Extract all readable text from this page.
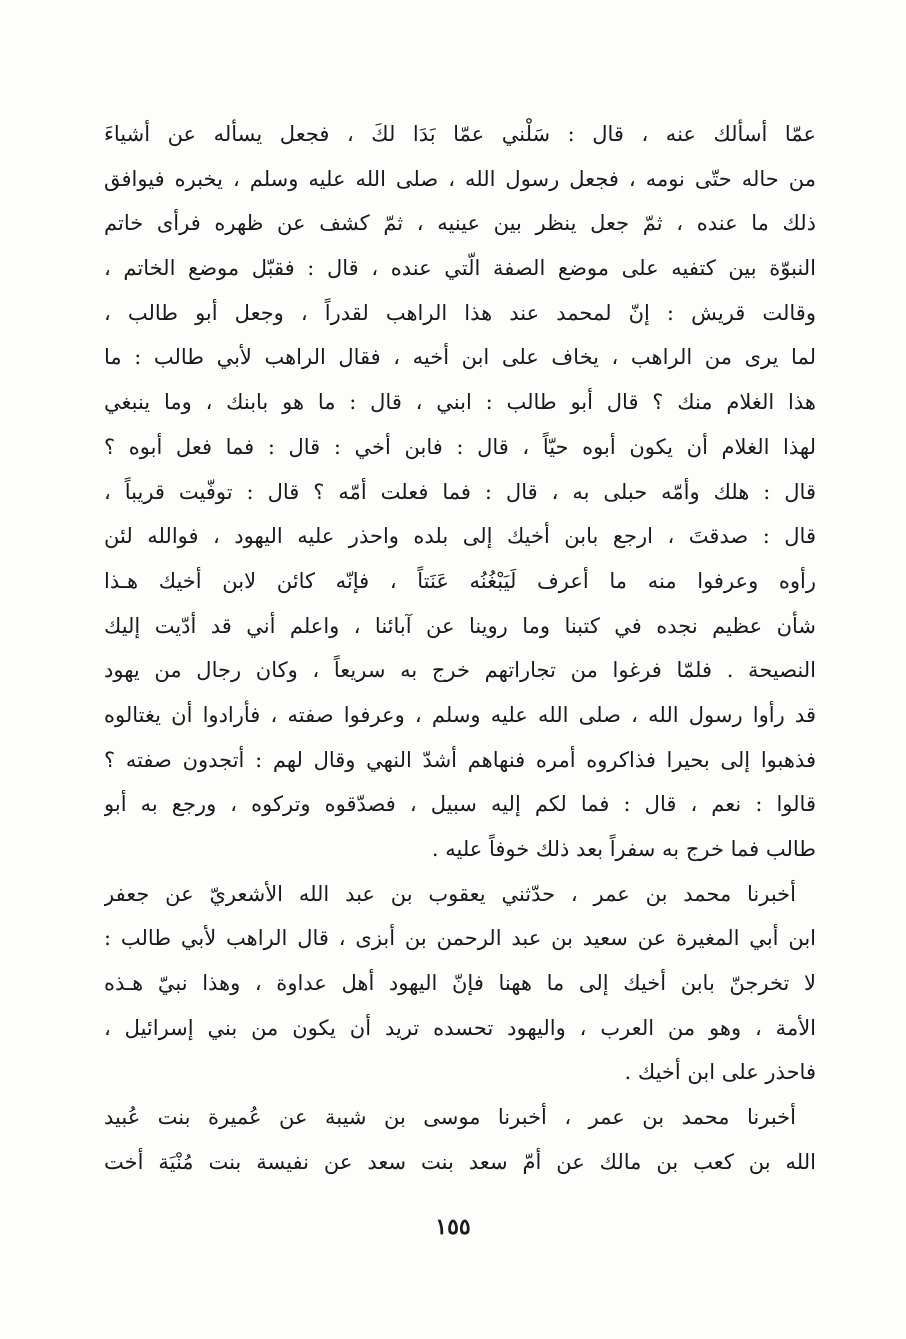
عمّا أسألك عنه ، قال : سَلْني عمّا بَدَا لكَ ، فجعل يسأله عن أشياءَ
من حاله حتّى نومه ، فجعل رسول الله ، صلى الله عليه وسلم ، يخبره فيوافق
ذلك ما عنده ، ثمّ جعل ينظر بين عينيه ، ثمّ كشف عن ظهره فرأى خاتم
النبوّة بين كتفيه على موضع الصفة الّتي عنده ، قال : فقبّل موضع الخاتم ،
وقالت قريش : إنّ لمحمد عند هذا الراهب لقدراً ، وجعل أبو طالب ،
لما يرى من الراهب ، يخاف على ابن أخيه ، فقال الراهب لأبي طالب : ما
هذا الغلام منك ؟ قال أبو طالب : ابني ، قال : ما هو بابنك ، وما ينبغي
لهذا الغلام أن يكون أبوه حيّاً ، قال : فابن أخي : قال : فما فعل أبوه ؟
قال : هلك وأمّه حبلى به ، قال : فما فعلت أمّه ؟ قال : توفّيت قريباً ،
قال : صدقتَ ، ارجع بابن أخيك إلى بلده واحذر عليه اليهود ، فوالله لئن
رأوه وعرفوا منه ما أعرف لَيَبْغُنُه عَنَتاً ، فإنّه كائن لابن أخيك هـذا
شأن عظيم نجده في كتبنا وما روينا عن آبائنا ، واعلم أني قد أدّيت إليك
النصيحة . فلمّا فرغوا من تجاراتهم خرج به سريعاً ، وكان رجال من يهود
قد رأوا رسول الله ، صلى الله عليه وسلم ، وعرفوا صفته ، فأرادوا أن يغتالوه
فذهبوا إلى بحيرا فذاكروه أمره فنهاهم أشدّ النهي وقال لهم : أتجدون صفته ؟
قالوا : نعم ، قال : فما لكم إليه سبيل ، فصدّقوه وتركوه ، ورجع به أبو
طالب فما خرج به سفراً بعد ذلك خوفاً عليه .
أخبرنا محمد بن عمر ، حدّثني يعقوب بن عبد الله الأشعريّ عن جعفر
ابن أبي المغيرة عن سعيد بن عبد الرحمن بن أبزى ، قال الراهب لأبي طالب :
لا تخرجنّ بابن أخيك إلى ما ههنا فإنّ اليهود أهل عداوة ، وهذا نبيّ هـذه
الأمة ، وهو من العرب ، واليهود تحسده تريد أن يكون من بني إسرائيل ،
فاحذر على ابن أخيك .
أخبرنا محمد بن عمر ، أخبرنا موسى بن شيبة عن عُميرة بنت عُبيد
الله بن كعب بن مالك عن أمّ سعد بنت سعد عن نفيسة بنت مُنْيَة أخت
١٥٥
